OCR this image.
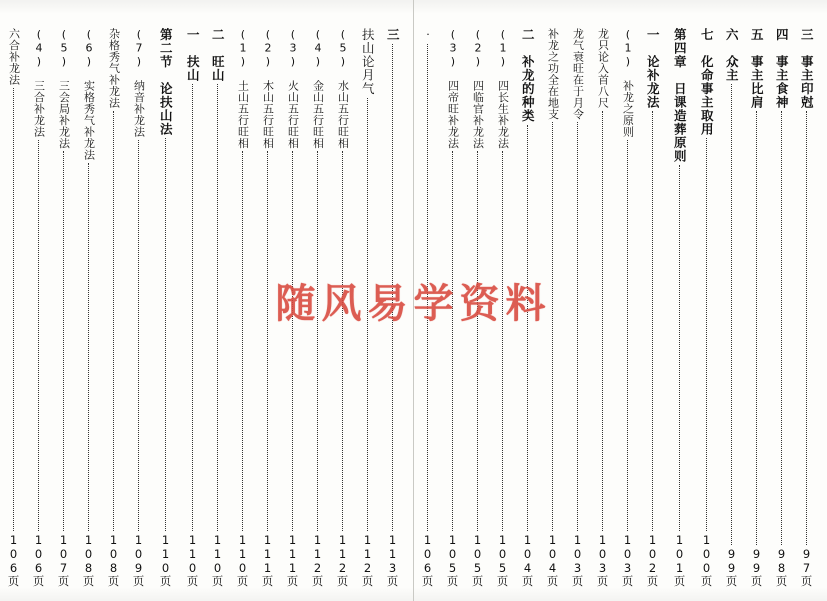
三
113页
扶山论月气
112页
(5)　水山五行旺相
112页
(4)　金山五行旺相
112页
(3)　火山五行旺相
111页
(2)　木山五行旺相
111页
(1)　土山五行旺相
110页
二　旺山
110页
一　扶山
110页
第二节　论扶山法
110页
(7)　纳音补龙法
109页
杂格秀气补龙法
108页
(6)　实格秀气补龙法
108页
(5)　三会局补龙法
107页
(4)　三合补龙法
106页
六合补龙法
106页
三　事主印尅
97页
四　事主食神
98页
五　事主比肩
99页
六　众主
99页
七　化命事主取用
100页
第四章　日课造葬原则
101页
一　论补龙法
102页
(1)　补龙之原则
103页
龙只论入首八尺
103页
龙气衰旺在于月令
103页
补龙之功全在地支
104页
二　补龙的种类
104页
(1)　四长生补龙法
105页
(2)　四临官补龙法
105页
(3)　四帝旺补龙法
105页
·
106页
随风易学资料
